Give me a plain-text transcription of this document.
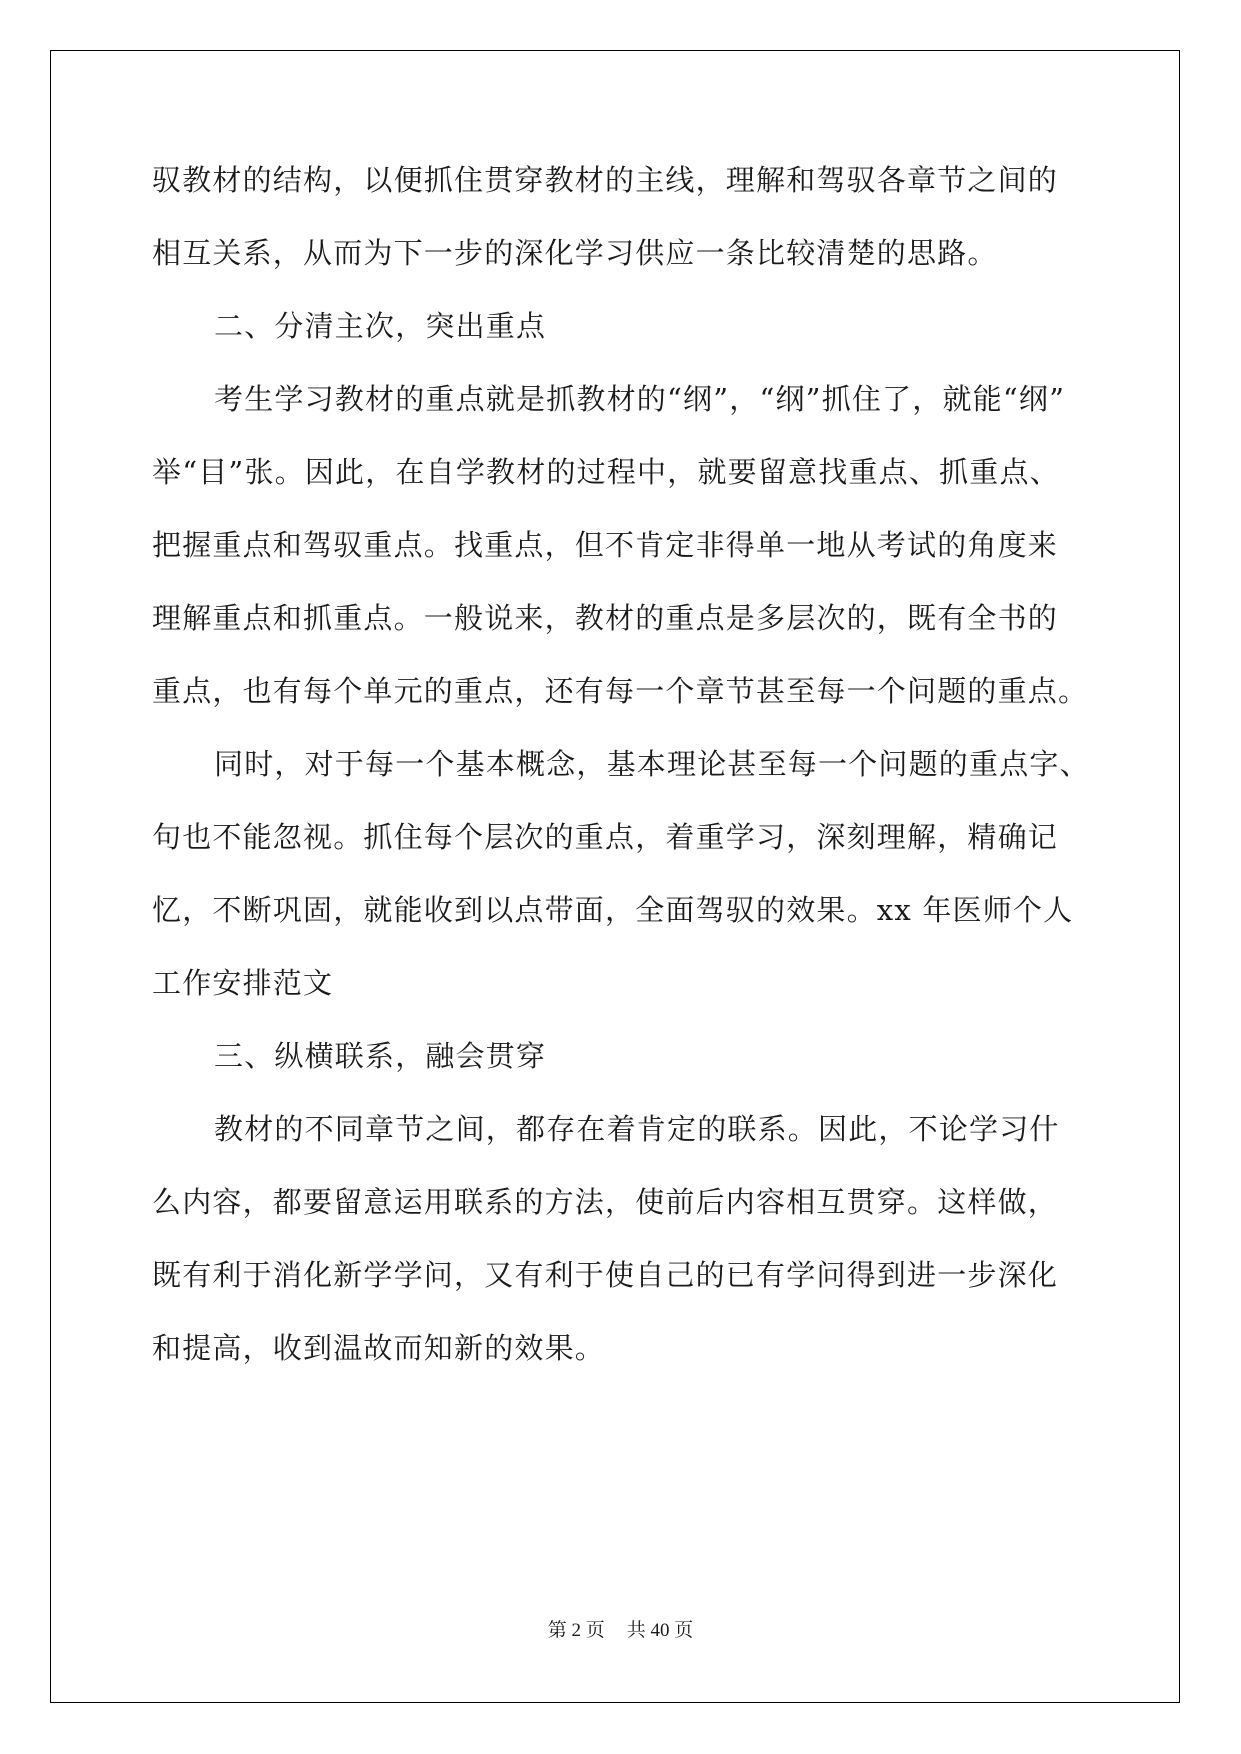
驭教材的结构，以便抓住贯穿教材的主线，理解和驾驭各章节之间的
相互关系，从而为下一步的深化学习供应一条比较清楚的思路。
二、分清主次，突出重点
考生学习教材的重点就是抓教材的“纲”，“纲”抓住了，就能“纲”
举“目”张。因此，在自学教材的过程中，就要留意找重点、抓重点、
把握重点和驾驭重点。找重点，但不肯定非得单一地从考试的角度来
理解重点和抓重点。一般说来，教材的重点是多层次的，既有全书的
重点，也有每个单元的重点，还有每一个章节甚至每一个问题的重点。
同时，对于每一个基本概念，基本理论甚至每一个问题的重点字、
句也不能忽视。抓住每个层次的重点，着重学习，深刻理解，精确记
忆，不断巩固，就能收到以点带面，全面驾驭的效果。xx 年医师个人
工作安排范文
三、纵横联系，融会贯穿
教材的不同章节之间，都存在着肯定的联系。因此，不论学习什
么内容，都要留意运用联系的方法，使前后内容相互贯穿。这样做，
既有利于消化新学学问，又有利于使自己的已有学问得到进一步深化
和提高，收到温故而知新的效果。
第 2 页 共 40 页
